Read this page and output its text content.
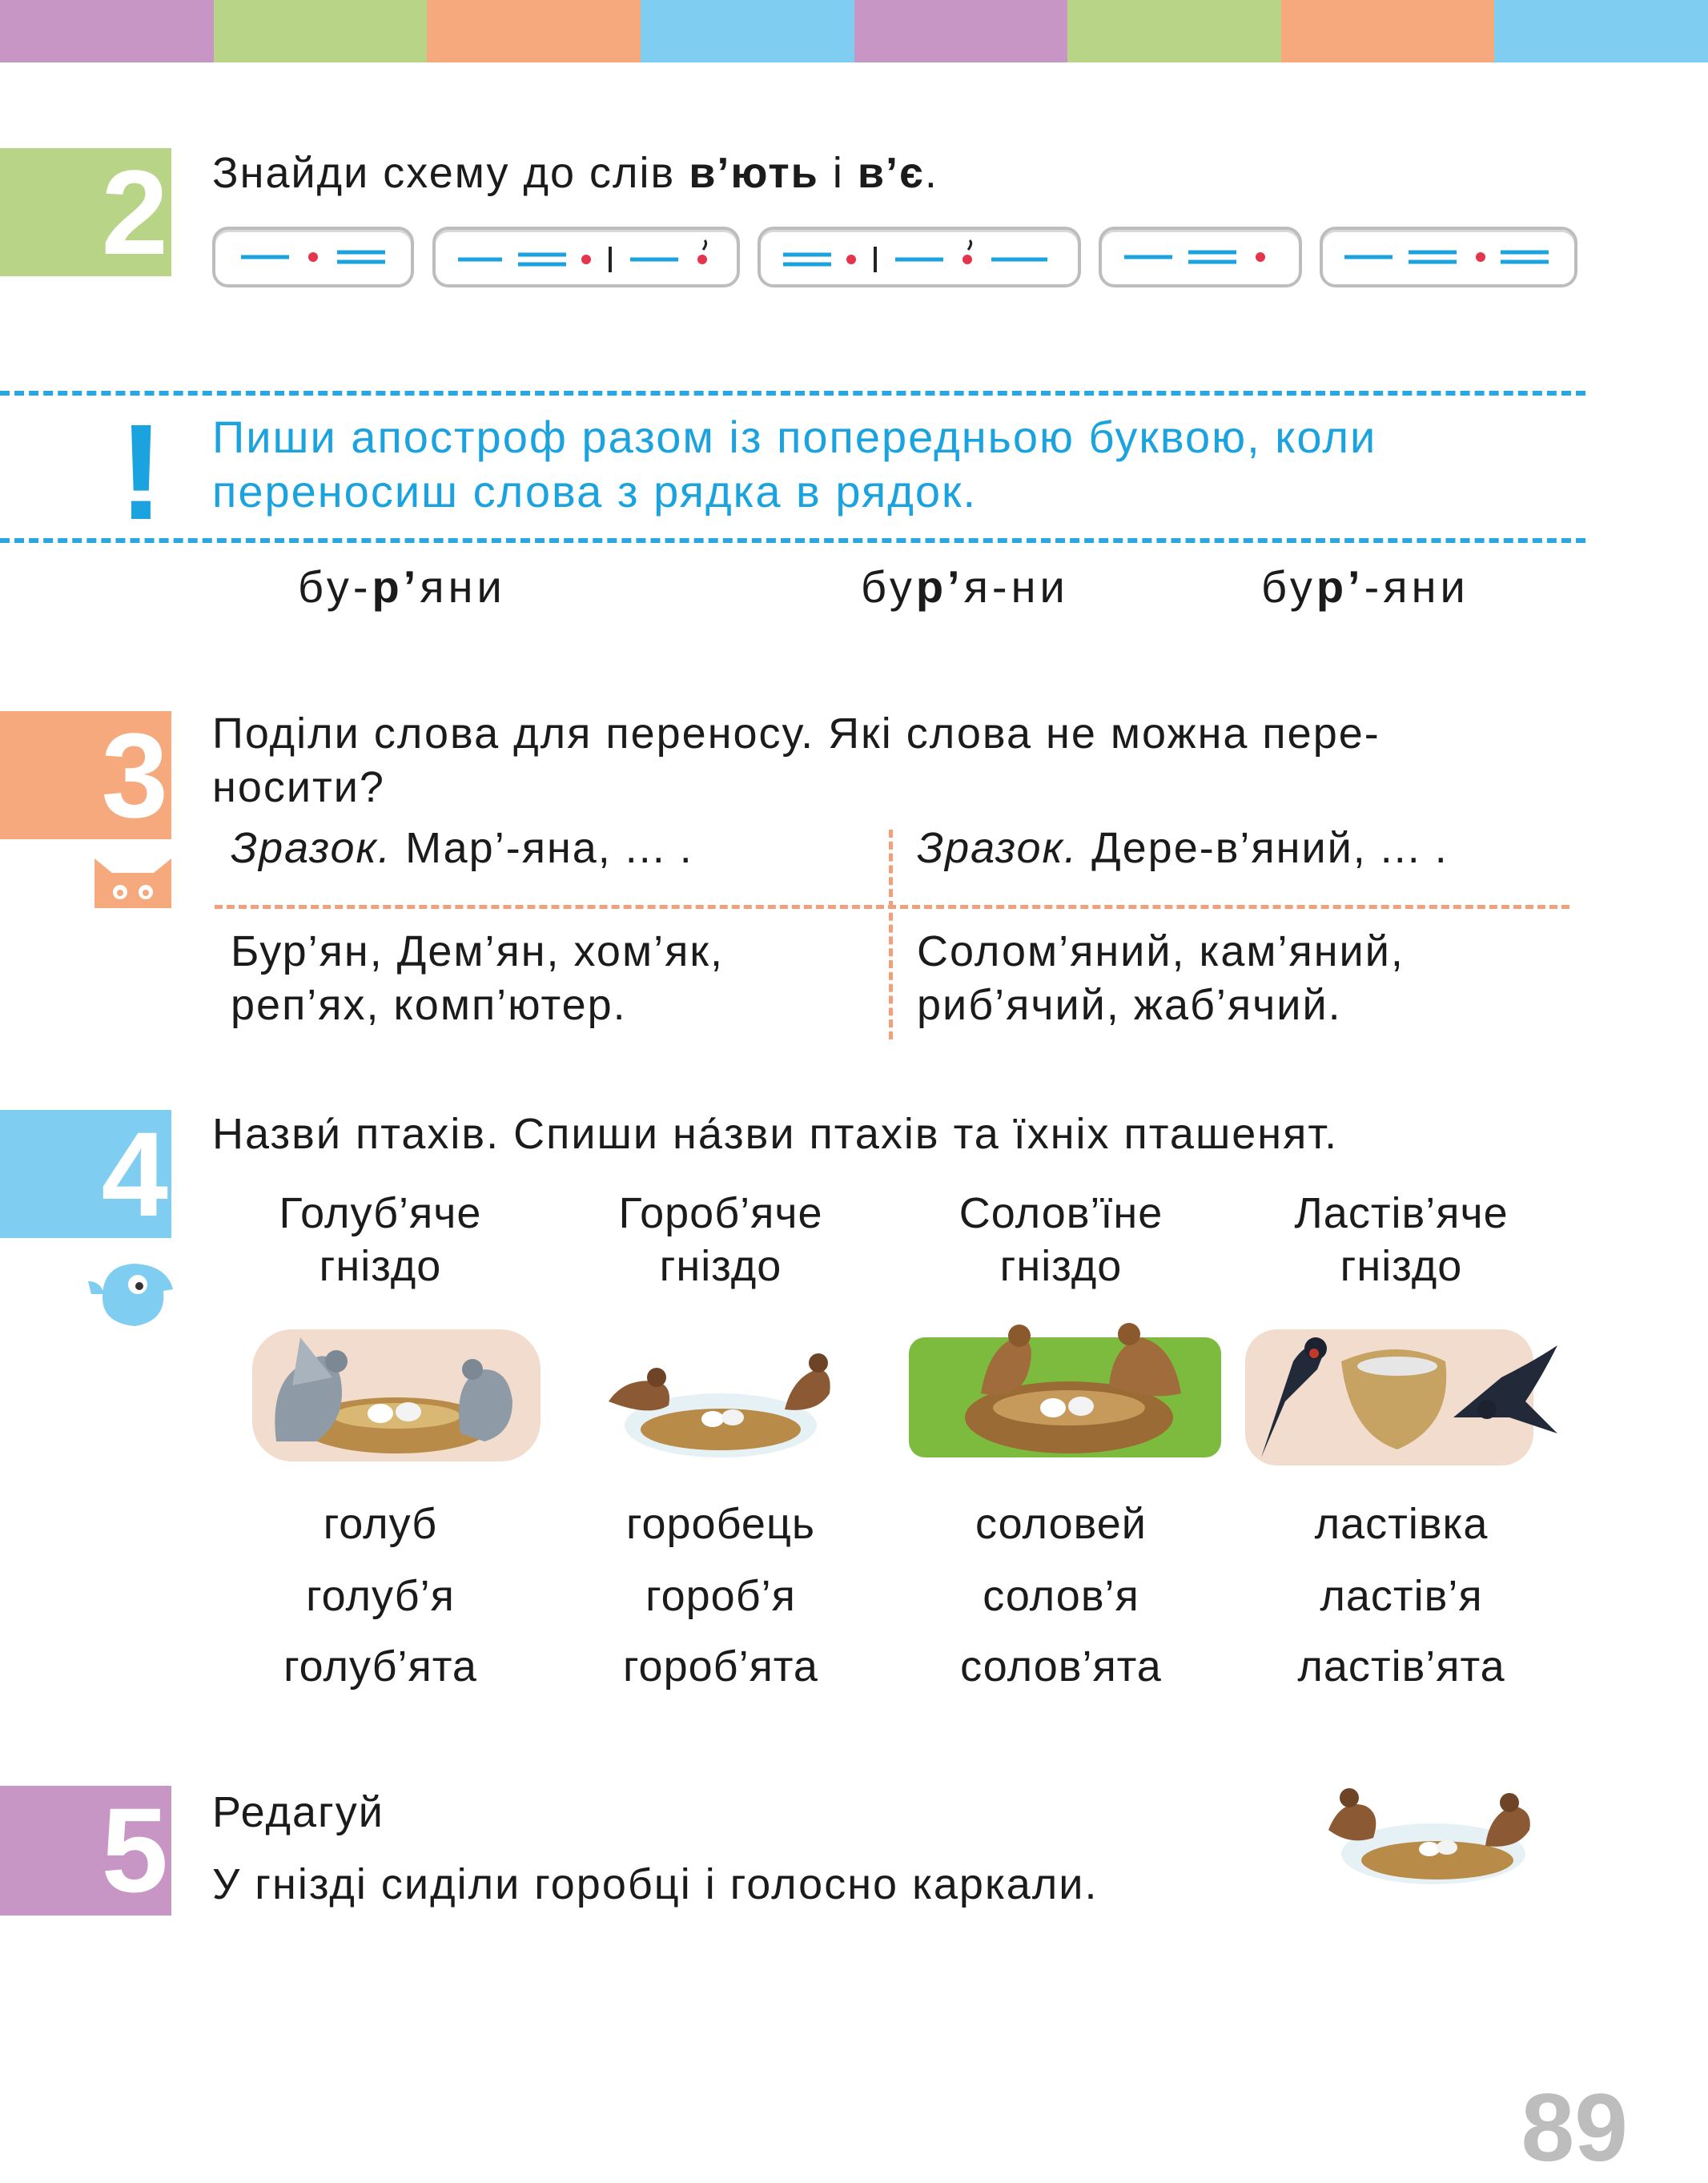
2 Знайди схему до слів в’ють і в’є.
! Пиши апостроф разом із попередньою буквою, коли
переносиш слова з рядка в рядок.
бу-р’яни	бур’я-ни	бур’-яни
3 Поділи слова для переносу. Які слова не можна пере-
носити?
Зразок. Мар’-яна, ... .	Зразок. Дере-в’яний, ... .
Бур’ян, Дем’ян, хом’як,
реп’ях, комп’ютер.
Солом’яний, кам’яний,
риб’ячий, жаб’ячий.
4 Назви́ птахів. Спиши на́зви птахів та їхніх пташенят.
Голуб’яче
гніздо
голуб
голуб’я
голуб’ята
Гороб’яче
гніздо
горобець
гороб’я
гороб’ята
Солов’їне
гніздо
соловей
солов’я
солов’ята
Ластів’яче
гніздо
ластівка
ластів’я
ластів’ята
5 Редагуй
У гнізді сиділи горобці і голосно каркали.
89
